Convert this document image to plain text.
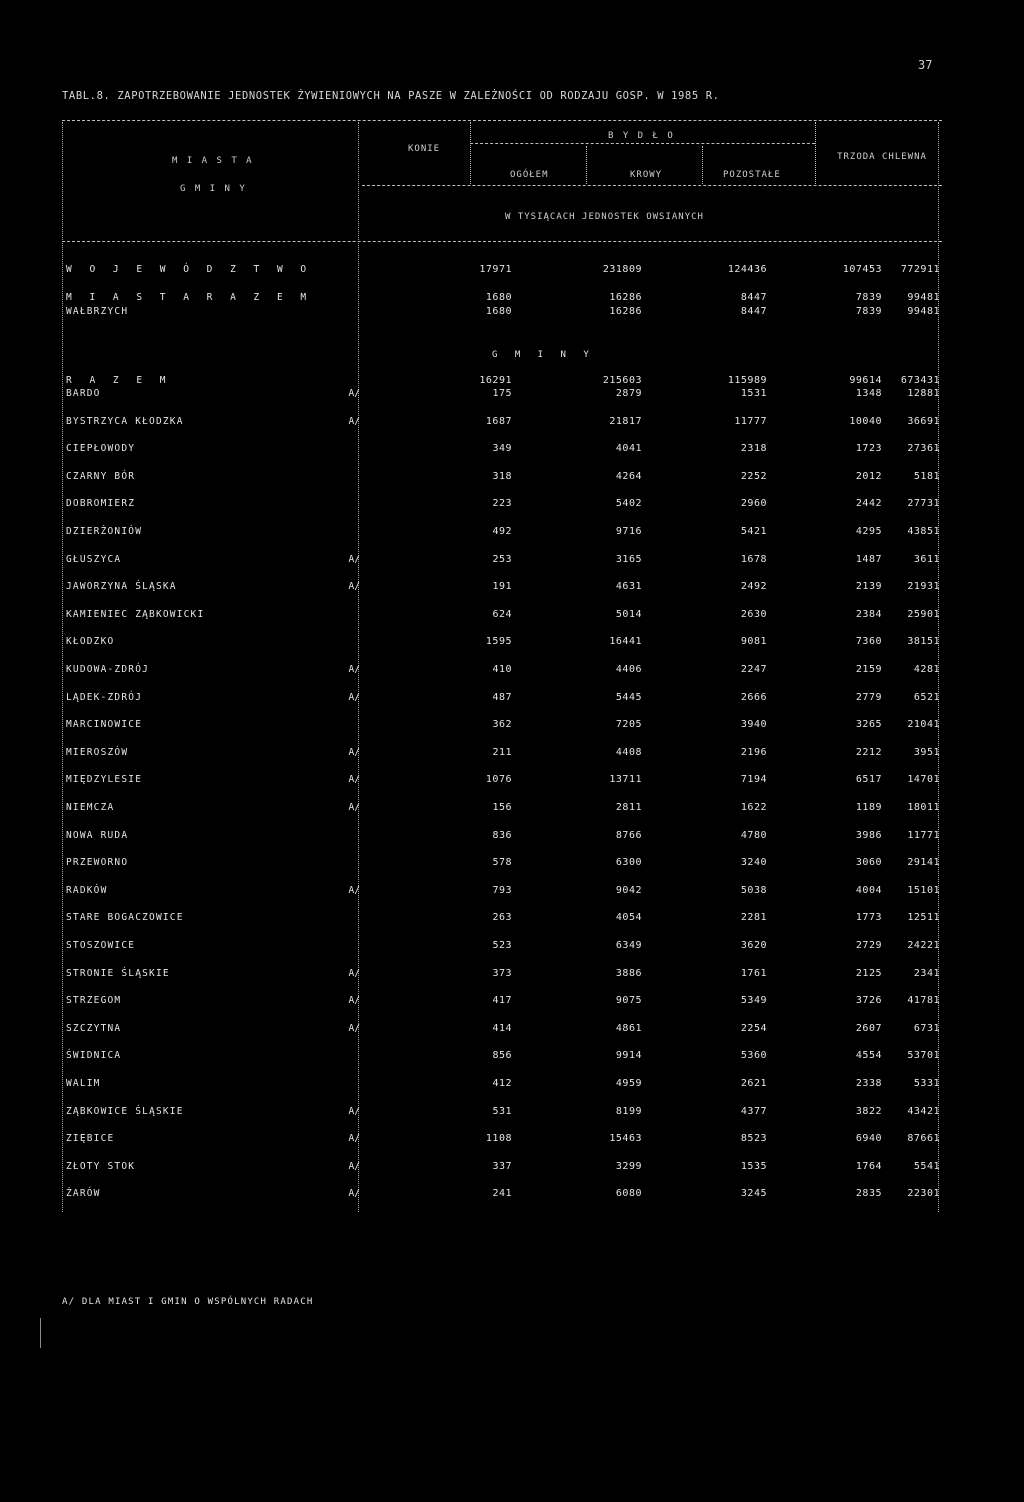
37
TABL.8. ZAPOTRZEBOWANIE JEDNOSTEK ŻYWIENIOWYCH NA PASZE W ZALEŻNOŚCI OD RODZAJU GOSP. W 1985 R.
M I A S T A
G M I N Y
KONIE
B Y D Ł O
OGÓŁEM	KROWY	POZOSTAŁE
TRZODA CHLEWNA
W TYSIĄCACH JEDNOSTEK OWSIANYCH
W O J E W Ó D Z T W O	17971	231809	124436	107453	772911
M I A S T A R A Z E M	1680	16286	8447	7839	99481
WAŁBRZYCH	1680	16286	8447	7839	99481
G M I N Y
R A Z E M	16291	215603	115989	99614	673431
BARDO	A/	175	2879	1531	1348	12881
BYSTRZYCA KŁODZKA	A/	1687	21817	11777	10040	36691
CIEPŁOWODY	349	4041	2318	1723	27361
CZARNY BÓR	318	4264	2252	2012	5181
DOBROMIERZ	223	5402	2960	2442	27731
DZIERŻONIÓW	492	9716	5421	4295	43851
GŁUSZYCA	A/	253	3165	1678	1487	3611
JAWORZYNA ŚLĄSKA	A/	191	4631	2492	2139	21931
KAMIENIEC ZĄBKOWICKI	624	5014	2630	2384	25901
KŁODZKO	1595	16441	9081	7360	38151
KUDOWA-ZDRÓJ	A/	410	4406	2247	2159	4281
LĄDEK-ZDRÓJ	A/	487	5445	2666	2779	6521
MARCINOWICE	362	7205	3940	3265	21041
MIEROSZÓW	A/	211	4408	2196	2212	3951
MIĘDZYLESIE	A/	1076	13711	7194	6517	14701
NIEMCZA	A/	156	2811	1622	1189	18011
NOWA RUDA	836	8766	4780	3986	11771
PRZEWORNO	578	6300	3240	3060	29141
RADKÓW	A/	793	9042	5038	4004	15101
STARE BOGACZOWICE	263	4054	2281	1773	12511
STOSZOWICE	523	6349	3620	2729	24221
STRONIE ŚLĄSKIE	A/	373	3886	1761	2125	2341
STRZEGOM	A/	417	9075	5349	3726	41781
SZCZYTNA	A/	414	4861	2254	2607	6731
ŚWIDNICA	856	9914	5360	4554	53701
WALIM	412	4959	2621	2338	5331
ZĄBKOWICE ŚLĄSKIE	A/	531	8199	4377	3822	43421
ZIĘBICE	A/	1108	15463	8523	6940	87661
ZŁOTY STOK	A/	337	3299	1535	1764	5541
ŻARÓW	A/	241	6080	3245	2835	22301
A/ DLA MIAST I GMIN O WSPÓLNYCH RADACH
